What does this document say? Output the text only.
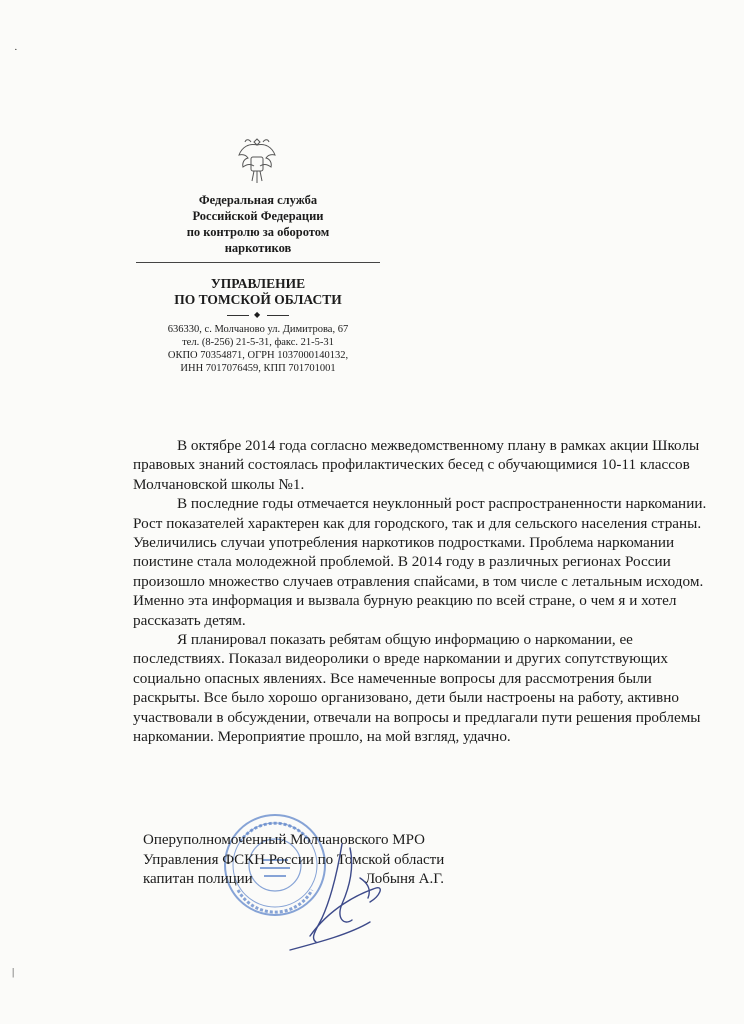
Федеральная служба
Российской Федерации
по контролю за оборотом
наркотиков
УПРАВЛЕНИЕ
ПО ТОМСКОЙ ОБЛАСТИ
◆
636330, с. Молчаново ул. Димитрова, 67
тел. (8-256) 21-5-31, факс. 21-5-31
ОКПО 70354871, ОГРН 1037000140132,
ИНН 7017076459, КПП 701701001

В октябре 2014 года согласно межведомственному плану в рамках акции Школы правовых знаний состоялась профилактических бесед с обучающимися 10-11 классов Молчановской школы №1.

В последние годы отмечается неуклонный рост распространенности наркомании. Рост показателей характерен как для городского, так и для сельского населения страны. Увеличились случаи употребления наркотиков подростками. Проблема наркомании поистине стала молодежной проблемой. В 2014 году в различных регионах России произошло множество случаев отравления спайсами, в том числе с летальным исходом. Именно эта информация и вызвала бурную реакцию по всей стране, о чем я и хотел рассказать детям.

Я планировал показать ребятам общую информацию о наркомании, ее последствиях. Показал видеоролики о вреде наркомании и других сопутствующих социально опасных явлениях. Все намеченные вопросы для рассмотрения были раскрыты. Все было хорошо организовано, дети были настроены на работу, активно участвовали в обсуждении, отвечали на вопросы и предлагали пути решения проблемы наркомании. Мероприятие прошло, на мой взгляд, удачно.

Оперуполномоченный Молчановского МРО
Управления ФСКН России по Томской области
капитан полиции	Лобыня А.Г.
·
|
